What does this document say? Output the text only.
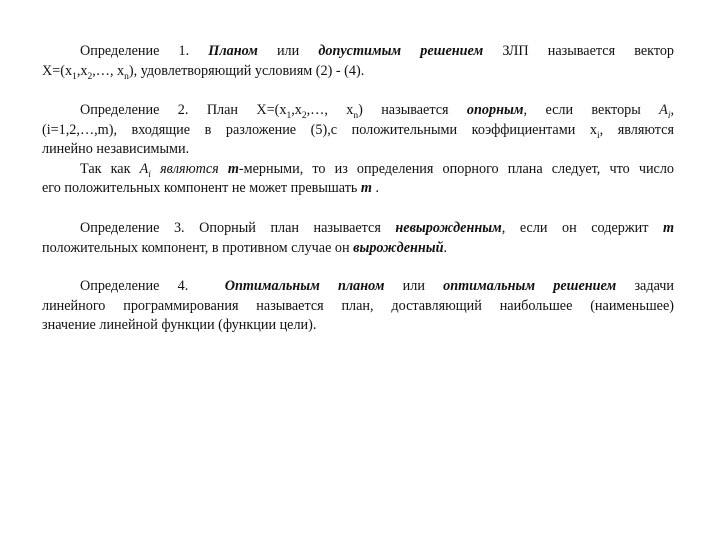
Определение 1. Планом или допустимым решением ЗЛП называется вектор
$X=(x_1,x_2,\dots$, $x_n$), удовлетворяющий условиям (2) - (4).
Определение 2. План $X=(x_1,x_2,\dots$, $x_n$) называется опорным, если векторы $A_i$,
(i=1,2,…,m), входящие в разложение (5),с положительными коэффициентами $x_i$, являются
линейно независимыми.
Так как $A_i$ являются m-мерными, то из определения опорного плана следует, что число
его положительных компонент не может превышать m .
Определение 3. Опорный план называется невырожденным, если он содержит m
положительных компонент, в противном случае он вырожденный.
Определение 4.	Оптимальным планом или оптимальным решением задачи
линейного программирования называется план, доставляющий наибольшее (наименьшее)
значение линейной функции (функции цели).
